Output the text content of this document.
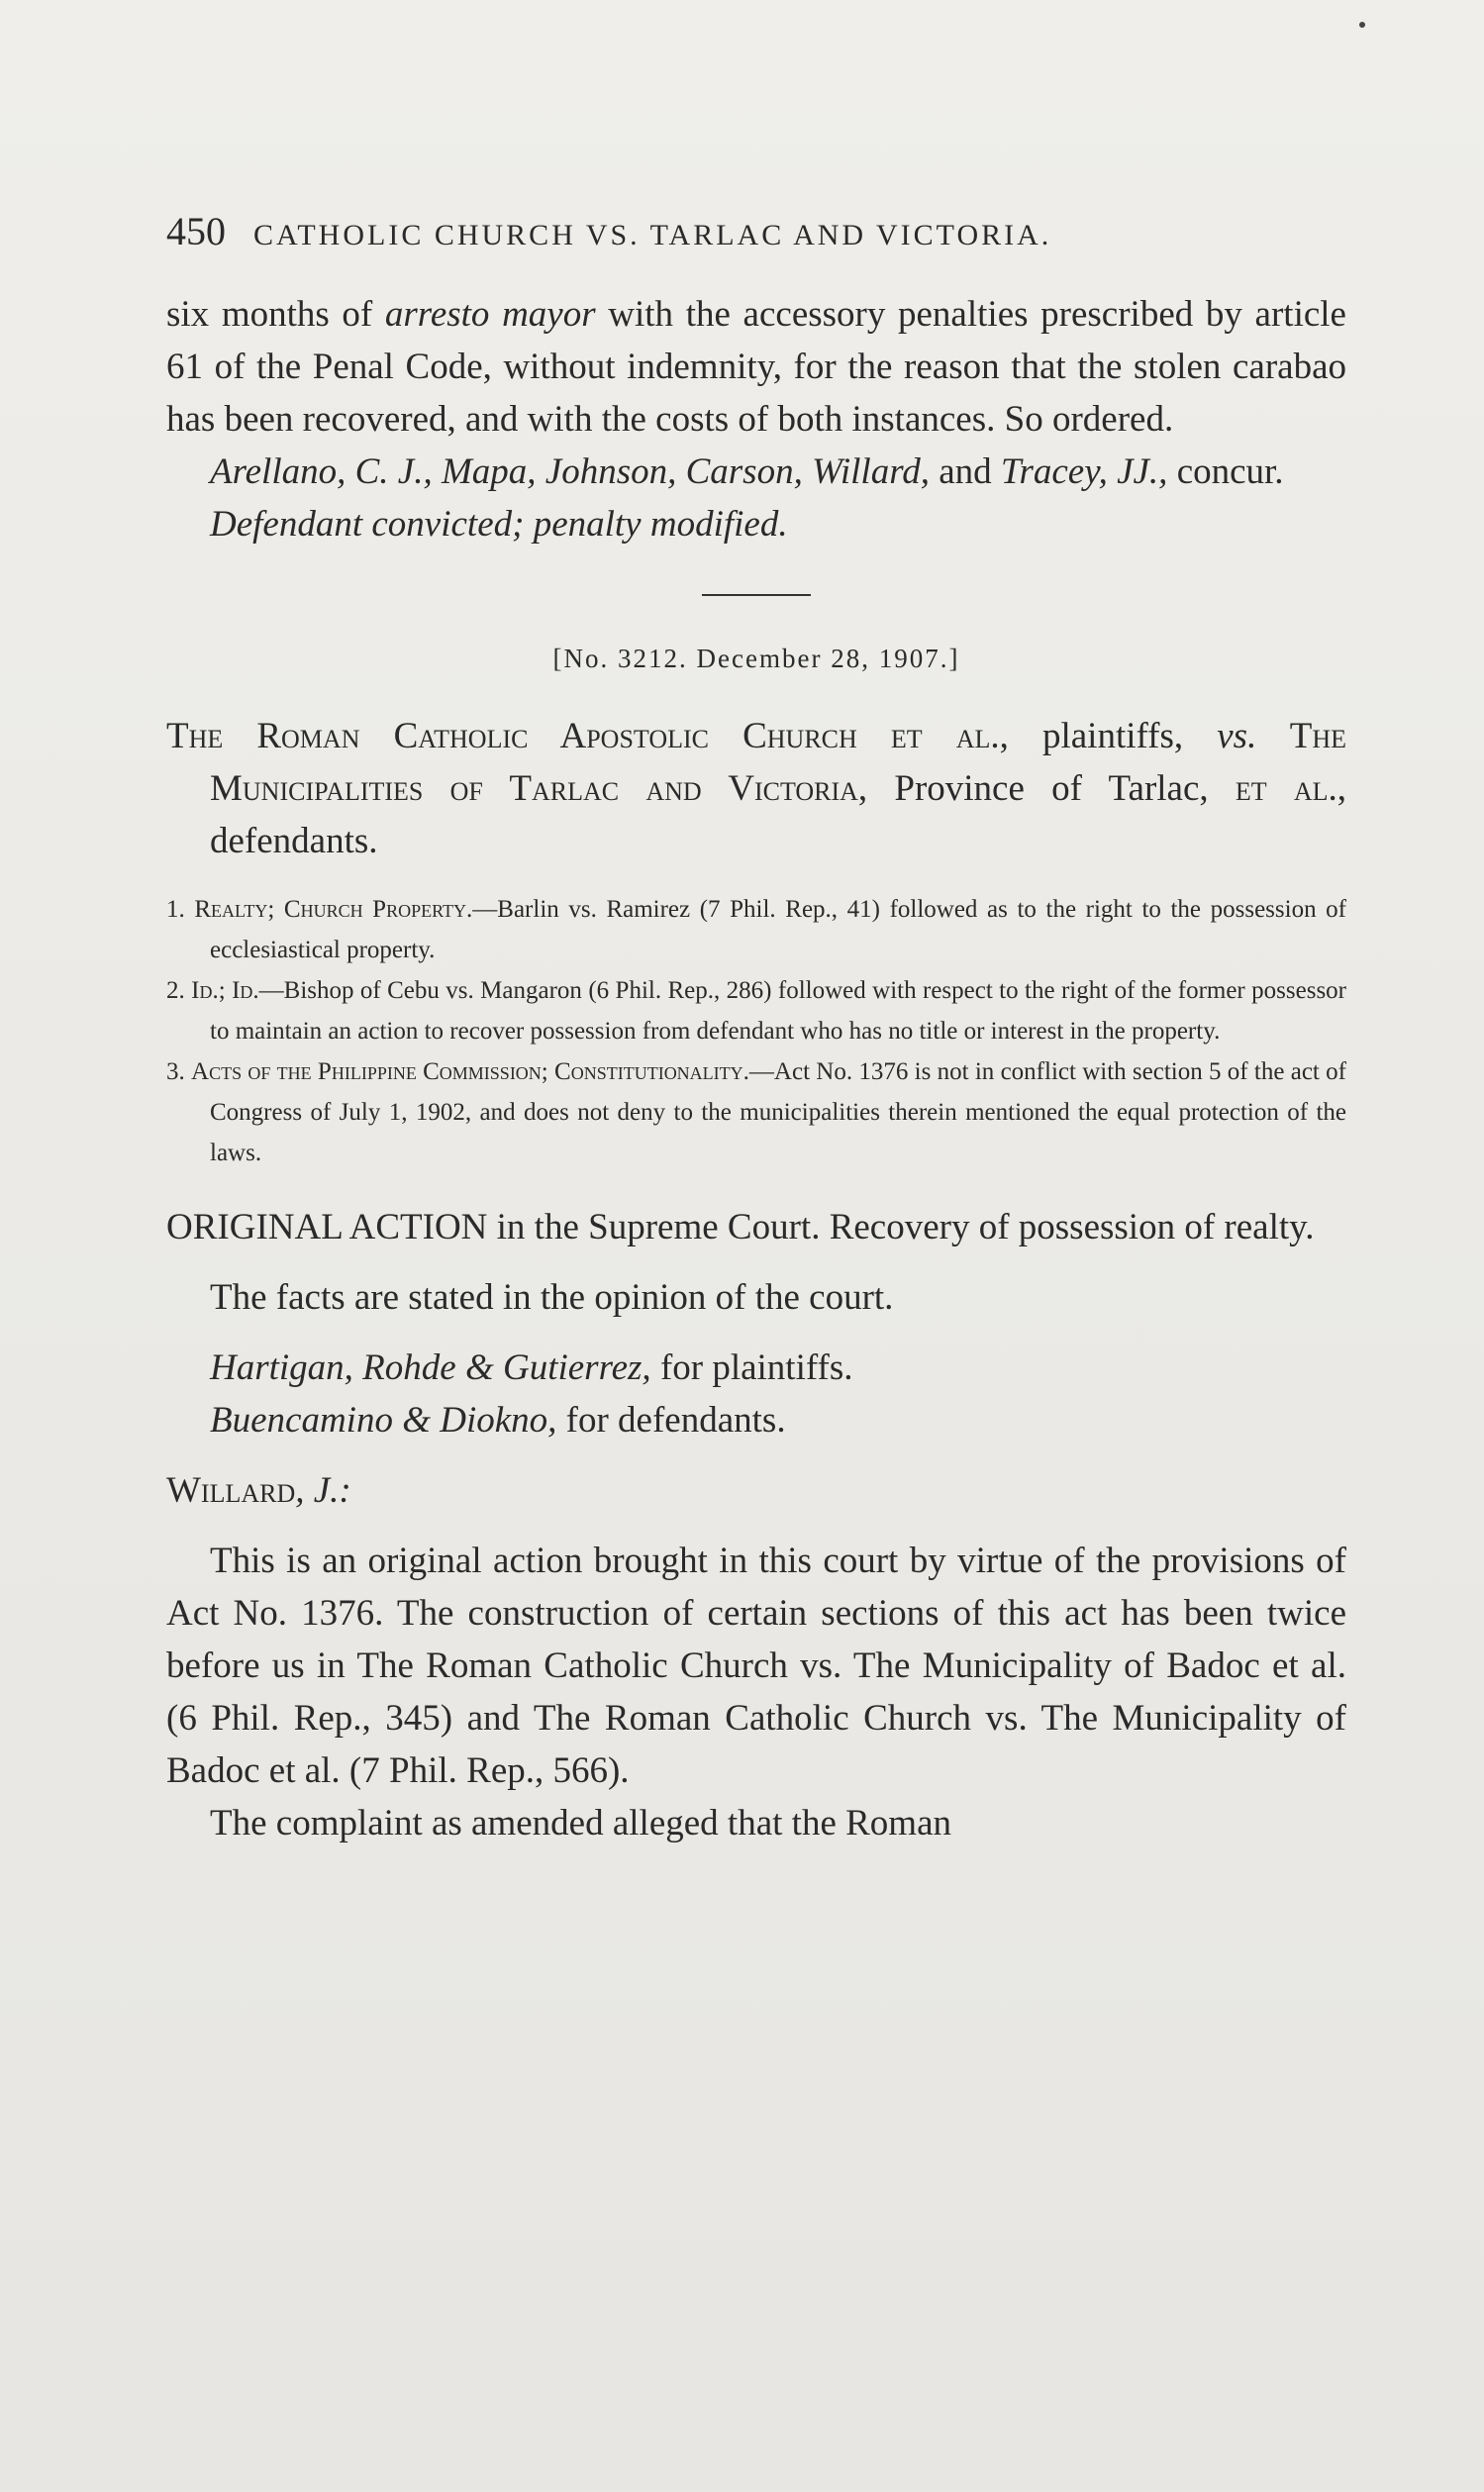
450 CATHOLIC CHURCH VS. TARLAC AND VICTORIA.

six months of arresto mayor with the accessory penalties prescribed by article 61 of the Penal Code, without indemnity, for the reason that the stolen carabao has been recovered, and with the costs of both instances. So ordered.

Arellano, C. J., Mapa, Johnson, Carson, Willard, and Tracey, JJ., concur.

Defendant convicted; penalty modified.

[No. 3212. December 28, 1907.]

The Roman Catholic Apostolic Church et al., plaintiffs, vs. The Municipalities of Tarlac and Victoria, Province of Tarlac, et al., defendants.

1. Realty; Church Property.—Barlin vs. Ramirez (7 Phil. Rep., 41) followed as to the right to the possession of ecclesiastical property.

2. Id.; Id.—Bishop of Cebu vs. Mangaron (6 Phil. Rep., 286) followed with respect to the right of the former possessor to maintain an action to recover possession from defendant who has no title or interest in the property.

3. Acts of the Philippine Commission; Constitutionality.—Act No. 1376 is not in conflict with section 5 of the act of Congress of July 1, 1902, and does not deny to the municipalities therein mentioned the equal protection of the laws.

ORIGINAL ACTION in the Supreme Court. Recovery of possession of realty.

The facts are stated in the opinion of the court.

Hartigan, Rohde & Gutierrez, for plaintiffs.

Buencamino & Diokno, for defendants.

Willard, J.:

This is an original action brought in this court by virtue of the provisions of Act No. 1376. The construction of certain sections of this act has been twice before us in The Roman Catholic Church vs. The Municipality of Badoc et al. (6 Phil. Rep., 345) and The Roman Catholic Church vs. The Municipality of Badoc et al. (7 Phil. Rep., 566).

The complaint as amended alleged that the Roman
